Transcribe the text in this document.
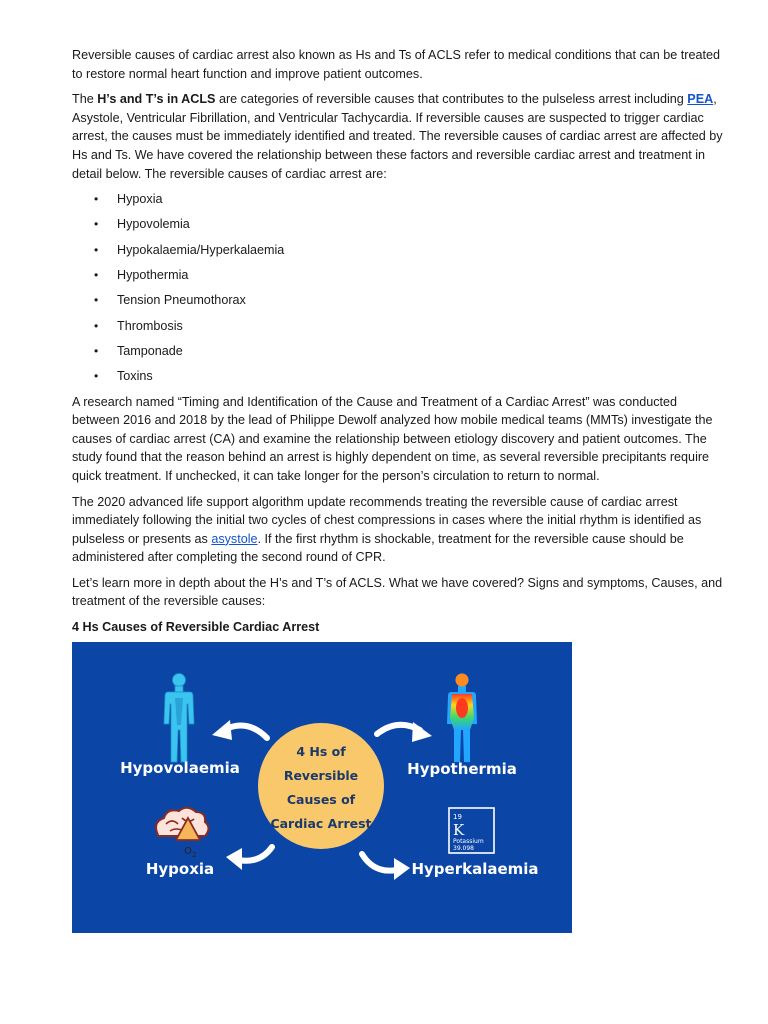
Reversible causes of cardiac arrest also known as Hs and Ts of ACLS refer to medical conditions that can be treated to restore normal heart function and improve patient outcomes.

The H’s and T’s in ACLS are categories of reversible causes that contributes to the pulseless arrest including PEA, Asystole, Ventricular Fibrillation, and Ventricular Tachycardia. If reversible causes are suspected to trigger cardiac arrest, the causes must be immediately identified and treated. The reversible causes of cardiac arrest are affected by Hs and Ts. We have covered the relationship between these factors and reversible cardiac arrest and treatment in detail below. The reversible causes of cardiac arrest are:

• Hypoxia
• Hypovolemia
• Hypokalaemia/Hyperkalaemia
• Hypothermia
• Tension Pneumothorax
• Thrombosis
• Tamponade
• Toxins

A research named “Timing and Identification of the Cause and Treatment of a Cardiac Arrest” was conducted between 2016 and 2018 by the lead of Philippe Dewolf analyzed how mobile medical teams (MMTs) investigate the causes of cardiac arrest (CA) and examine the relationship between etiology discovery and patient outcomes. The study found that the reason behind an arrest is highly dependent on time, as several reversible precipitants require quick treatment. If unchecked, it can take longer for the person’s circulation to return to normal.

The 2020 advanced life support algorithm update recommends treating the reversible cause of cardiac arrest immediately following the initial two cycles of chest compressions in cases where the initial rhythm is identified as pulseless or presents as asystole. If the first rhythm is shockable, treatment for the reversible cause should be administered after completing the second round of CPR.

Let’s learn more in depth about the H’s and T’s of ACLS. What we have covered? Signs and symptoms, Causes, and treatment of the reversible causes:

4 Hs Causes of Reversible Cardiac Arrest

4 Hs of
Reversible
Causes of
Cardiac Arrest
Hypovolaemia	Hypothermia
Hypoxia	Hyperkalaemia
O 2
19
K
Potassium
39.098
